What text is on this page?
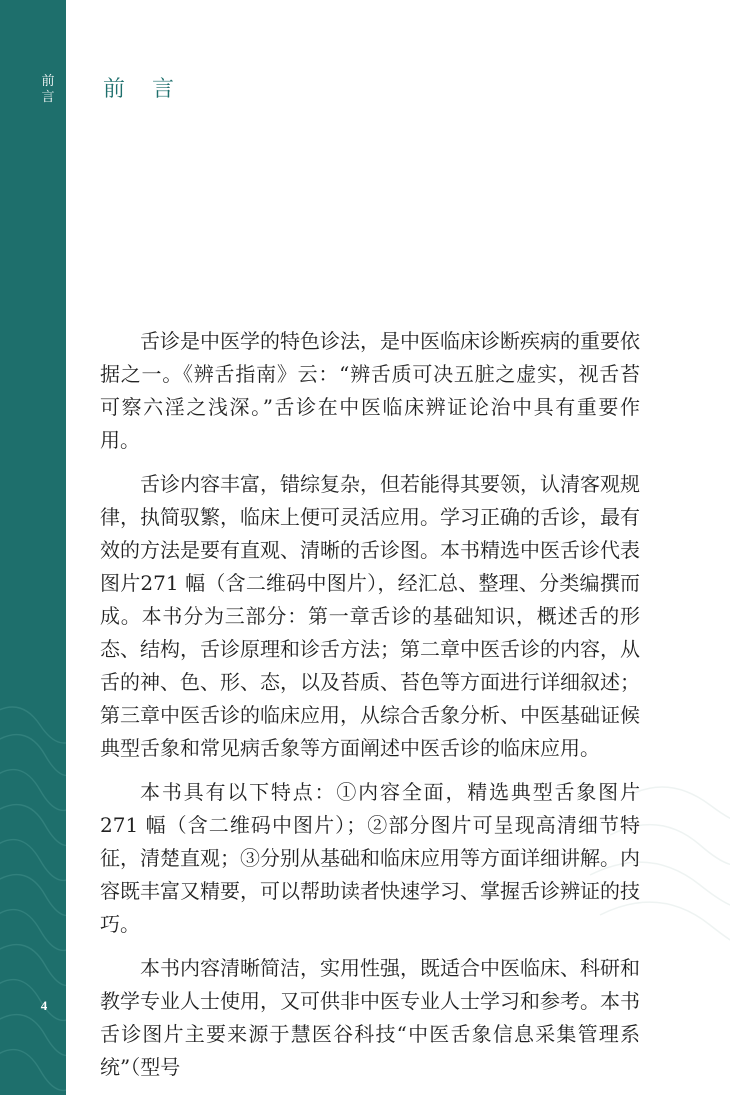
前
言
4
前 言

舌诊是中医学的特色诊法，是中医临床诊断疾病的重要依据之一。《辨舌指南》云：“辨舌质可决五脏之虚实，视舌苔可察六淫之浅深。”舌诊在中医临床辨证论治中具有重要作用。

舌诊内容丰富，错综复杂，但若能得其要领，认清客观规律，执简驭繁，临床上便可灵活应用。学习正确的舌诊，最有效的方法是要有直观、清晰的舌诊图。本书精选中医舌诊代表图片271 幅（含二维码中图片），经汇总、整理、分类编撰而成。本书分为三部分：第一章舌诊的基础知识，概述舌的形态、结构，舌诊原理和诊舌方法；第二章中医舌诊的内容，从舌的神、色、形、态，以及苔质、苔色等方面进行详细叙述；第三章中医舌诊的临床应用，从综合舌象分析、中医基础证候典型舌象和常见病舌象等方面阐述中医舌诊的临床应用。

本书具有以下特点：①内容全面，精选典型舌象图片 271 幅（含二维码中图片）；②部分图片可呈现高清细节特征，清楚直观；③分别从基础和临床应用等方面详细讲解。内容既丰富又精要，可以帮助读者快速学习、掌握舌诊辨证的技巧。

本书内容清晰简洁，实用性强，既适合中医临床、科研和教学专业人士使用，又可供非中医专业人士学习和参考。本书舌诊图片主要来源于慧医谷科技“中医舌象信息采集管理系统”（型号
